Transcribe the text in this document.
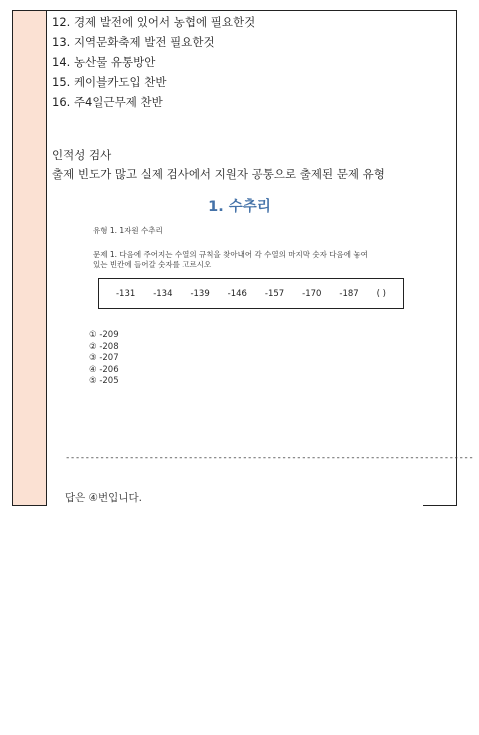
12. 경제 발전에 있어서 농협에 필요한것
13. 지역문화축제 발전 필요한것
14. 농산물 유통방안
15. 케이블카도입 찬반
16. 주4일근무제 찬반
인적성 검사
출제 빈도가 많고 실제 검사에서 지원자 공통으로 출제된 문제 유형
1. 수추리
유형 1. 1자원 수추리
문제 1. 다음에 주어지는 수열의 규칙을 찾아내어 각 수열의 마지막 숫자 다음에 놓여
있는 빈칸에 들어갈 숫자를 고르시오
-131 -134 -139 -146 -157 -170 -187 ( )
① -209
② -208
③ -207
④ -206
⑤ -205
-----------------------------------------------------------------------------------
답은 ④번입니다.
